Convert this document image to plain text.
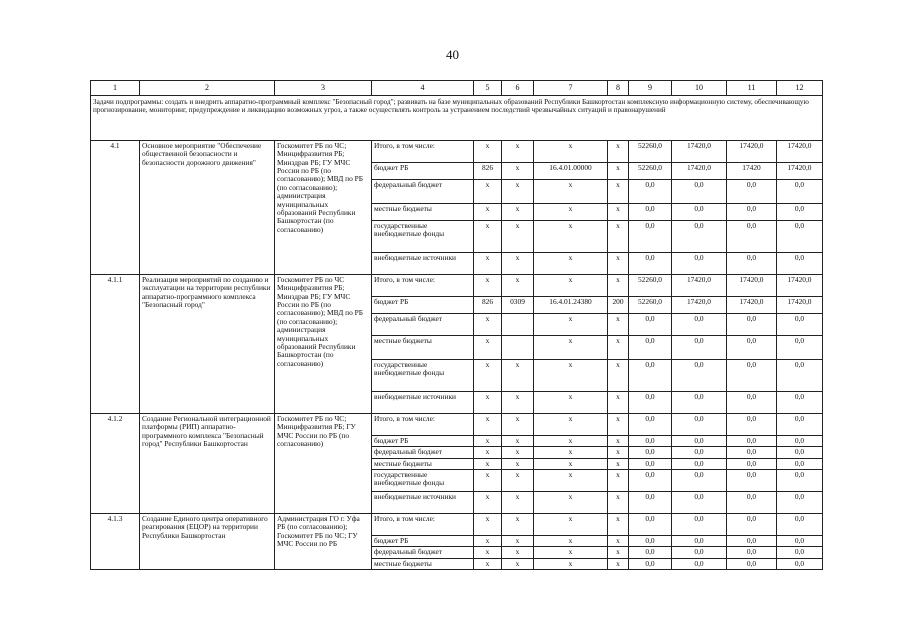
40
1	2	3	4	5	6	7	8	9	10	11	12
Задачи подпрограммы: создать и внедрить аппаратно-программный комплекс "Безопасный город"; развивать на базе муниципальных образований Республики Башкортостан комплексную информационную систему, обеспечивающую прогнозирование, мониторинг, предупреждение и ликвидацию возможных угроз, а также осуществлять контроль за устранением последствий чрезвычайных ситуаций и правонарушений											
4.1	Основное мероприятие "Обеспечение общественной безопасности и безопасности дорожного движения"	Госкомитет РБ по ЧС; Минцифразвития РБ; Минздрав РБ; ГУ МЧС России по РБ (по согласованию); МВД по РБ (по согласованию); администрация муниципальных образований Республики Башкортостан (по согласованию)	Итого, в том числе:	х	х	х	х	52260,0	17420,0	17420,0	17420,0
			бюджет РБ	826	х	16.4.01.00000	х	52260,0	17420,0	17420	17420,0
			федеральный бюджет	х	х	х	х	0,0	0,0	0,0	0,0
			местные бюджеты	х	х	х	х	0,0	0,0	0,0	0,0
			государственные внебюджетные фонды	х	х	х	х	0,0	0,0	0,0	0,0
			внебюджетные источники	х	х	х	х	0,0	0,0	0,0	0,0
4.1.1	Реализация мероприятий по созданию и эксплуатации на территории республики аппаратно-программного комплекса "Безопасный город"	Госкомитет РБ по ЧС Минцифразвития РБ; Минздрав РБ; ГУ МЧС России по РБ (по согласованию); МВД по РБ (по согласованию); администрация муниципальных образований Республики Башкортостан (по согласованию)	Итого, в том числе:	х	х	х	х	52260,0	17420,0	17420,0	17420,0
			бюджет РБ	826	0309	16.4.01.24380	200	52260,0	17420,0	17420,0	17420,0
			федеральный бюджет	х		х	х	0,0	0,0	0,0	0,0
			местные бюджеты	х		х	х	0,0	0,0	0,0	0,0
			государственные внебюджетные фонды	х	х	х	х	0,0	0,0	0,0	0,0
			внебюджетные источники	х	х	х	х	0,0	0,0	0,0	0,0
4.1.2	Создание Региональной интеграционной платформы (РИП) аппаратно-программного комплекса "Безопасный город" Республики Башкортостан	Госкомитет РБ по ЧС; Минцифразвития РБ; ГУ МЧС России по РБ (по согласованию)	Итого, в том числе:	х	х	х	х	0,0	0,0	0,0	0,0
			бюджет РБ	х	х	х	х	0,0	0,0	0,0	0,0
			федеральный бюджет	х	х	х	х	0,0	0,0	0,0	0,0
			местные бюджеты	х	х	х	х	0,0	0,0	0,0	0,0
			государственные внебюджетные фонды	х	х	х	х	0,0	0,0	0,0	0,0
			внебюджетные источники	х	х	х	х	0,0	0,0	0,0	0,0
4.1.3	Создание Единого центра оперативного реагирования (ЕЦОР) на территории Республики Башкортостан	Администрация ГО г. Уфа РБ (по согласованию); Госкомитет РБ по ЧС; ГУ МЧС России по РБ	Итого, в том числе:	х	х	х	х	0,0	0,0	0,0	0,0
			бюджет РБ	х	х	х	х	0,0	0,0	0,0	0,0
			федеральный бюджет	х	х	х	х	0,0	0,0	0,0	0,0
			местные бюджеты	х	х	х	х	0,0	0,0	0,0	0,0
